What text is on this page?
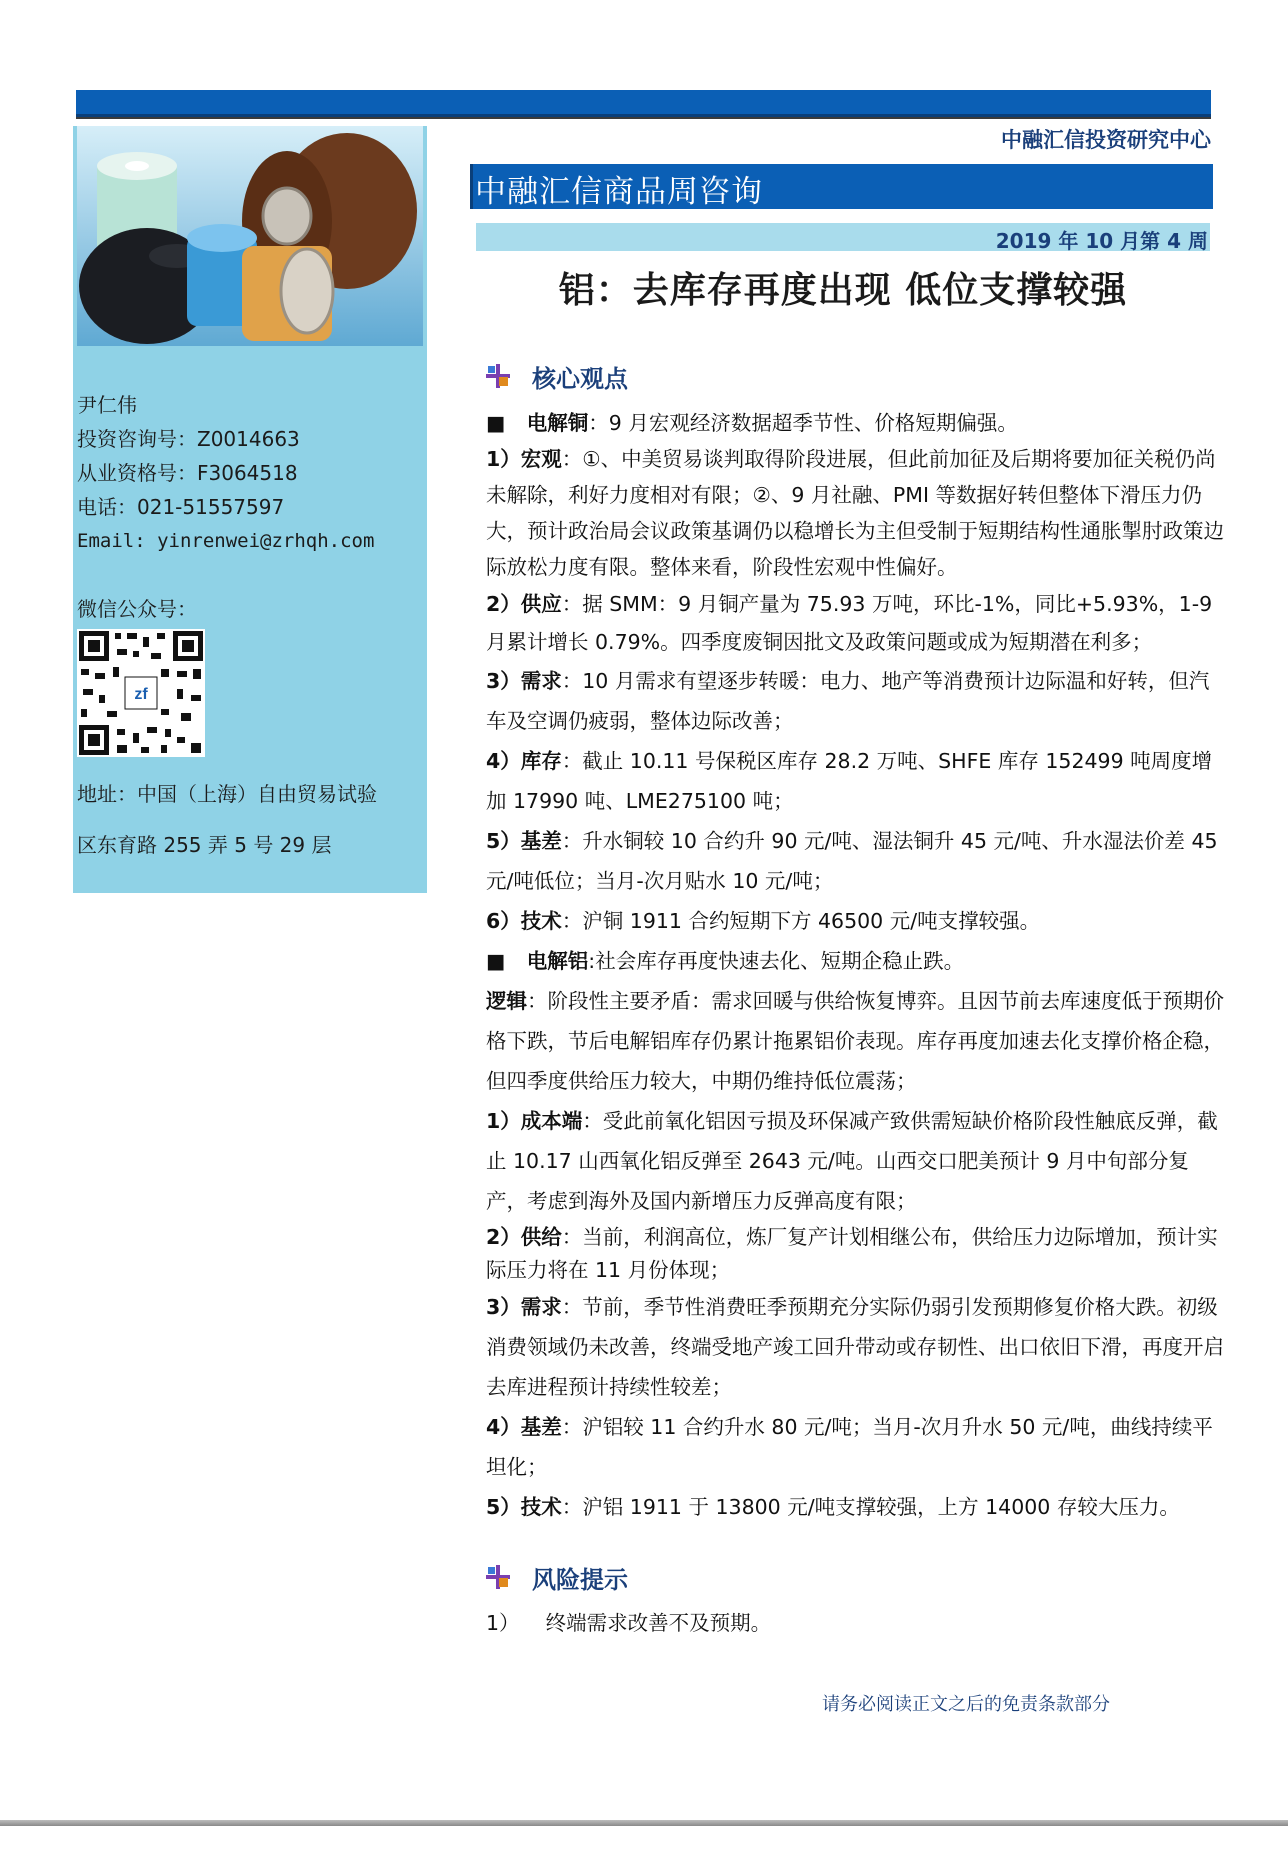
中融汇信投资研究中心
尹仁伟
投资咨询号：Z0014663
从业资格号：F3064518
电话：021-51557597
Email: yinrenwei@zrhqh.com
微信公众号：
zf
地址：中国（上海）自由贸易试验
区东育路 255 弄 5 号 29 层
中融汇信商品周咨询
2019 年 10 月第 4 周
铝：去库存再度出现 低位支撑较强
核心观点

■   电解铜：9 月宏观经济数据超季节性、价格短期偏强。

1）宏观：①、中美贸易谈判取得阶段进展，但此前加征及后期将要加征关税仍尚未解除，利好力度相对有限；②、9 月社融、PMI 等数据好转但整体下滑压力仍大，预计政治局会议政策基调仍以稳增长为主但受制于短期结构性通胀掣肘政策边际放松力度有限。整体来看，阶段性宏观中性偏好。

2）供应：据 SMM：9 月铜产量为 75.93 万吨，环比-1%，同比+5.93%，1-9 月累计增长 0.79%。四季度废铜因批文及政策问题或成为短期潜在利多；

3）需求：10 月需求有望逐步转暖：电力、地产等消费预计边际温和好转，但汽车及空调仍疲弱，整体边际改善；

4）库存：截止 10.11 号保税区库存 28.2 万吨、SHFE 库存 152499 吨周度增加 17990 吨、LME275100 吨；

5）基差：升水铜较 10 合约升 90 元/吨、湿法铜升 45 元/吨、升水湿法价差 45 元/吨低位；当月-次月贴水 10 元/吨；

6）技术：沪铜 1911 合约短期下方 46500 元/吨支撑较强。

■   电解铝:社会库存再度快速去化、短期企稳止跌。

逻辑：阶段性主要矛盾：需求回暖与供给恢复博弈。且因节前去库速度低于预期价格下跌，节后电解铝库存仍累计拖累铝价表现。库存再度加速去化支撑价格企稳，但四季度供给压力较大，中期仍维持低位震荡；

1）成本端：受此前氧化铝因亏损及环保减产致供需短缺价格阶段性触底反弹，截止 10.17 山西氧化铝反弹至 2643 元/吨。山西交口肥美预计 9 月中旬部分复产，考虑到海外及国内新增压力反弹高度有限；

2）供给：当前，利润高位，炼厂复产计划相继公布，供给压力边际增加，预计实际压力将在 11 月份体现；

3）需求：节前，季节性消费旺季预期充分实际仍弱引发预期修复价格大跌。初级消费领域仍未改善，终端受地产竣工回升带动或存韧性、出口依旧下滑，再度开启去库进程预计持续性较差；

4）基差：沪铝较 11 合约升水 80 元/吨；当月-次月升水 50 元/吨，曲线持续平坦化；

5）技术：沪铝 1911 于 13800 元/吨支撑较强，上方 14000 存较大压力。

风险提示
1） 终端需求改善不及预期。
请务必阅读正文之后的免责条款部分
